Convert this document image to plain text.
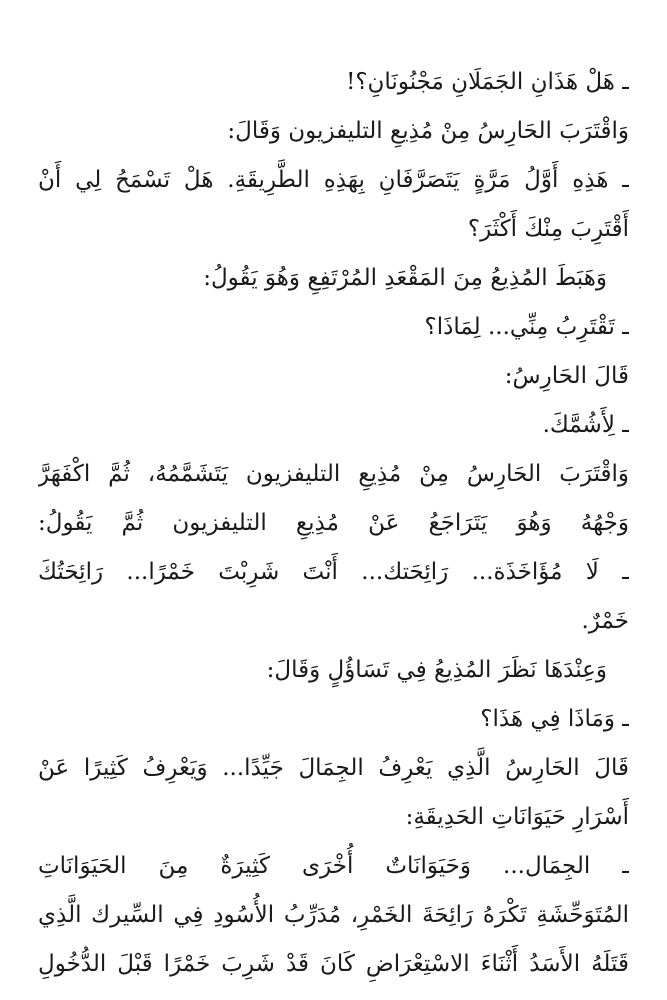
ـ هَلْ هَذَانِ الجَمَلَانِ مَجْنُونَانِ؟!
وَاقْتَرَبَ الحَارِسُ مِنْ مُذِيعِ التليفزيون وَقَالَ:
ـ هَذِهِ أَوَّلُ مَرَّةٍ يَتَصَرَّفَانِ بِهَذِهِ الطَّرِيقَةِ. هَلْ تَسْمَحُ لِي أَنْ
أَقْتَرِبَ مِنْكَ أَكْثَرَ؟
وَهَبَطَ المُذِيعُ مِنَ المَقْعَدِ المُرْتَفِعِ وَهُوَ يَقُولُ:
ـ تَقْتَرِبُ مِنِّي... لِمَاذَا؟
قَالَ الحَارِسُ:
ـ لِأَشُمَّكَ.
وَاقْتَرَبَ الحَارِسُ مِنْ مُذِيعِ التليفزيون يَتَشَمَّمُهُ، ثُمَّ اكْفَهَرَّ
وَجْهُهُ وَهُوَ يَتَرَاجَعُ عَنْ مُذِيعِ التليفزيون ثُمَّ يَقُولُ:
ـ لَا مُؤَاخَذَة... رَائِحَتك... أَنْتَ شَرِبْتَ خَمْرًا... رَائِحَتُكَ
خَمْرٌ.
وَعِنْدَهَا نَظَرَ المُذِيعُ فِي تَسَاؤُلٍ وَقَالَ:
ـ وَمَاذَا فِي هَذَا؟
قَالَ الحَارِسُ الَّذِي يَعْرِفُ الجِمَالَ جَيِّدًا... وَيَعْرِفُ كَثِيرًا عَنْ
أَسْرَارِ حَيَوَانَاتِ الحَدِيقَةِ:
ـ الجِمَال... وَحَيَوَانَاتٌ أُخْرَى كَثِيرَةٌ مِنَ الحَيَوَانَاتِ
المُتَوَحِّشَةِ تَكْرَهُ رَائِحَةَ الخَمْرِ، مُدَرِّبُ الأُسُودِ فِي السِّيرك الَّذِي
قَتَلَهُ الأَسَدُ أَثْنَاءَ الاسْتِعْرَاضِ كَانَ قَدْ شَرِبَ خَمْرًا قَبْلَ الدُّخُولِ
